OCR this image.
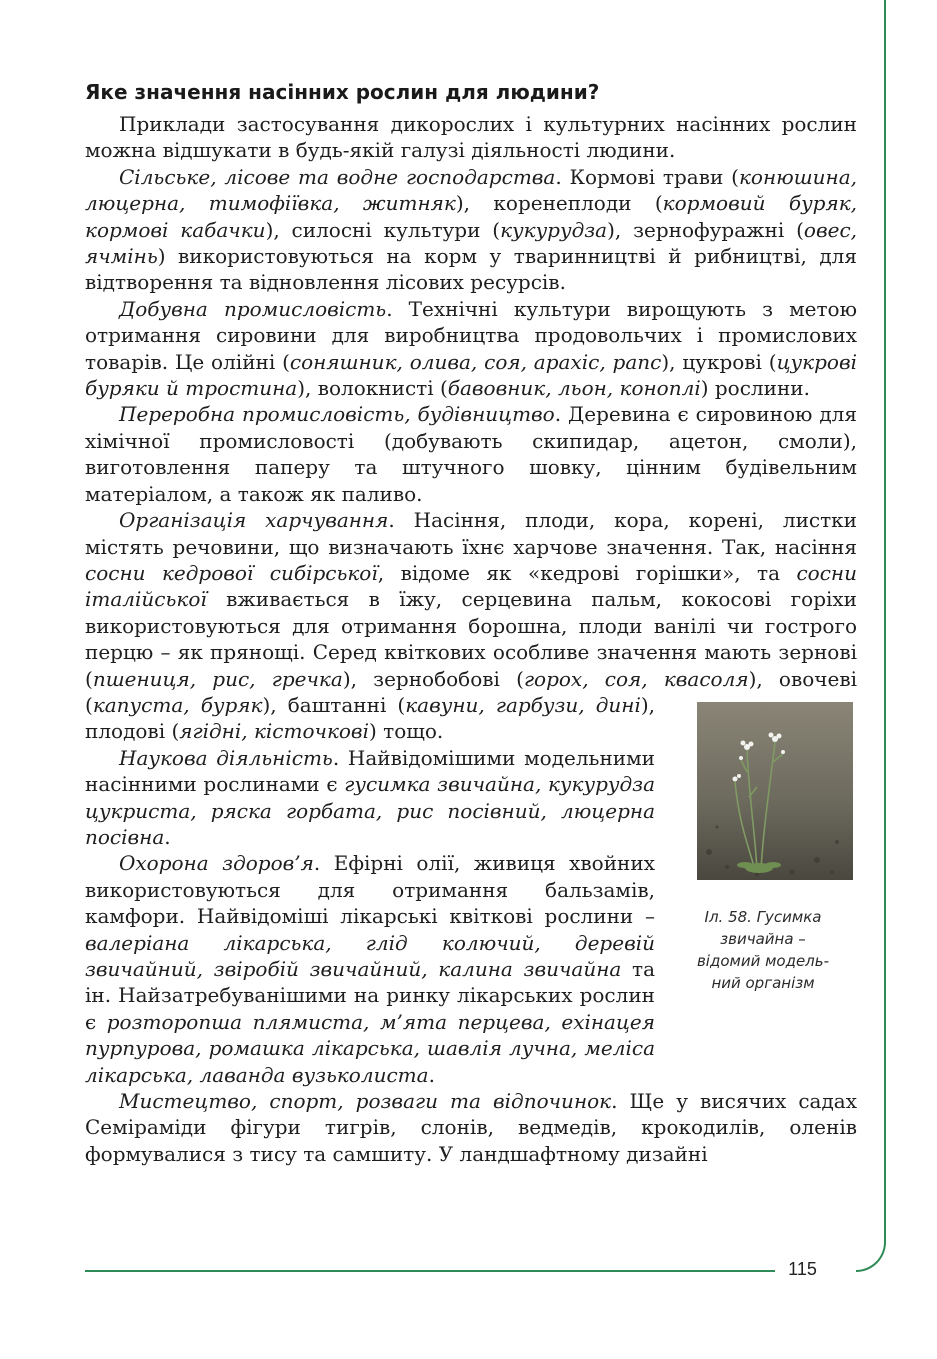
115
Яке значення насінних рослин для людини?

Приклади застосування дикорослих і культурних насінних рослин можна відшукати в будь-якій галузі діяльності людини.

Сільське, лісове та водне господарства. Кормові трави (конюшина, люцерна, тимофіївка, житняк), коренеплоди (кормовий буряк, кормові кабачки), силосні культури (кукурудза), зернофуражні (овес, ячмінь) використовуються на корм у тваринництві й рибництві, для відтворення та відновлення лісових ресурсів.

Добувна промисловість. Технічні культури вирощують з метою отримання сировини для виробництва продовольчих і промислових товарів. Це олійні (соняшник, олива, соя, арахіс, рапс), цукрові (цукрові буряки й тростина), волокнисті (бавовник, льон, коноплі) рослини.

Переробна промисловість, будівництво. Деревина є сировиною для хімічної промисловості (добувають скипидар, ацетон, смоли), виготовлення паперу та штучного шовку, цінним будівельним матеріалом, а також як паливо.

Організація харчування. Насіння, плоди, кора, корені, листки містять речовини, що визначають їхнє харчове значення. Так, насіння сосни кедрової сибірської, відоме як «кедрові горішки», та сосни італійської вживається в їжу, серцевина пальм, кокосові горіхи використовуються для отримання борошна, плоди ванілі чи гострого перцю – як прянощі. Серед квіткових особливе значення мають зернові (пшениця, рис, гречка), зернобобові (горох, соя, квасоля), овочеві (
Іл. 58. Гусимка
звичайна –
відомий модель-
ний організм
капуста, буряк), баштанні (кавуни, гарбузи, дині), плодові (ягідні, кісточкові) тощо.

Наукова діяльність. Найвідомішими модельними насінними рослинами є гусимка звичайна, кукурудза цукриста, ряска горбата, рис посівний, люцерна посівна.

Охорона здоров’я. Ефірні олії, живиця хвойних використовуються для отримання бальзамів, камфори. Найвідоміші лікарські квіткові рослини – валеріана лікарська, глід колючий, деревій звичайний, звіробій звичайний, калина звичайна та ін. Найзатребуванішими на ринку лікарських рослин є розторопша плямиста, м’ята перцева, ехінацея пурпурова, ромашка лікарська, шавлія лучна, меліса лікарська, лаванда вузьколиста.

Мистецтво, спорт, розваги та відпочинок. Ще у висячих садах Семіраміди фігури тигрів, слонів, ведмедів, крокодилів, оленів формувалися з тису та самшиту. У ландшафтному дизайні
